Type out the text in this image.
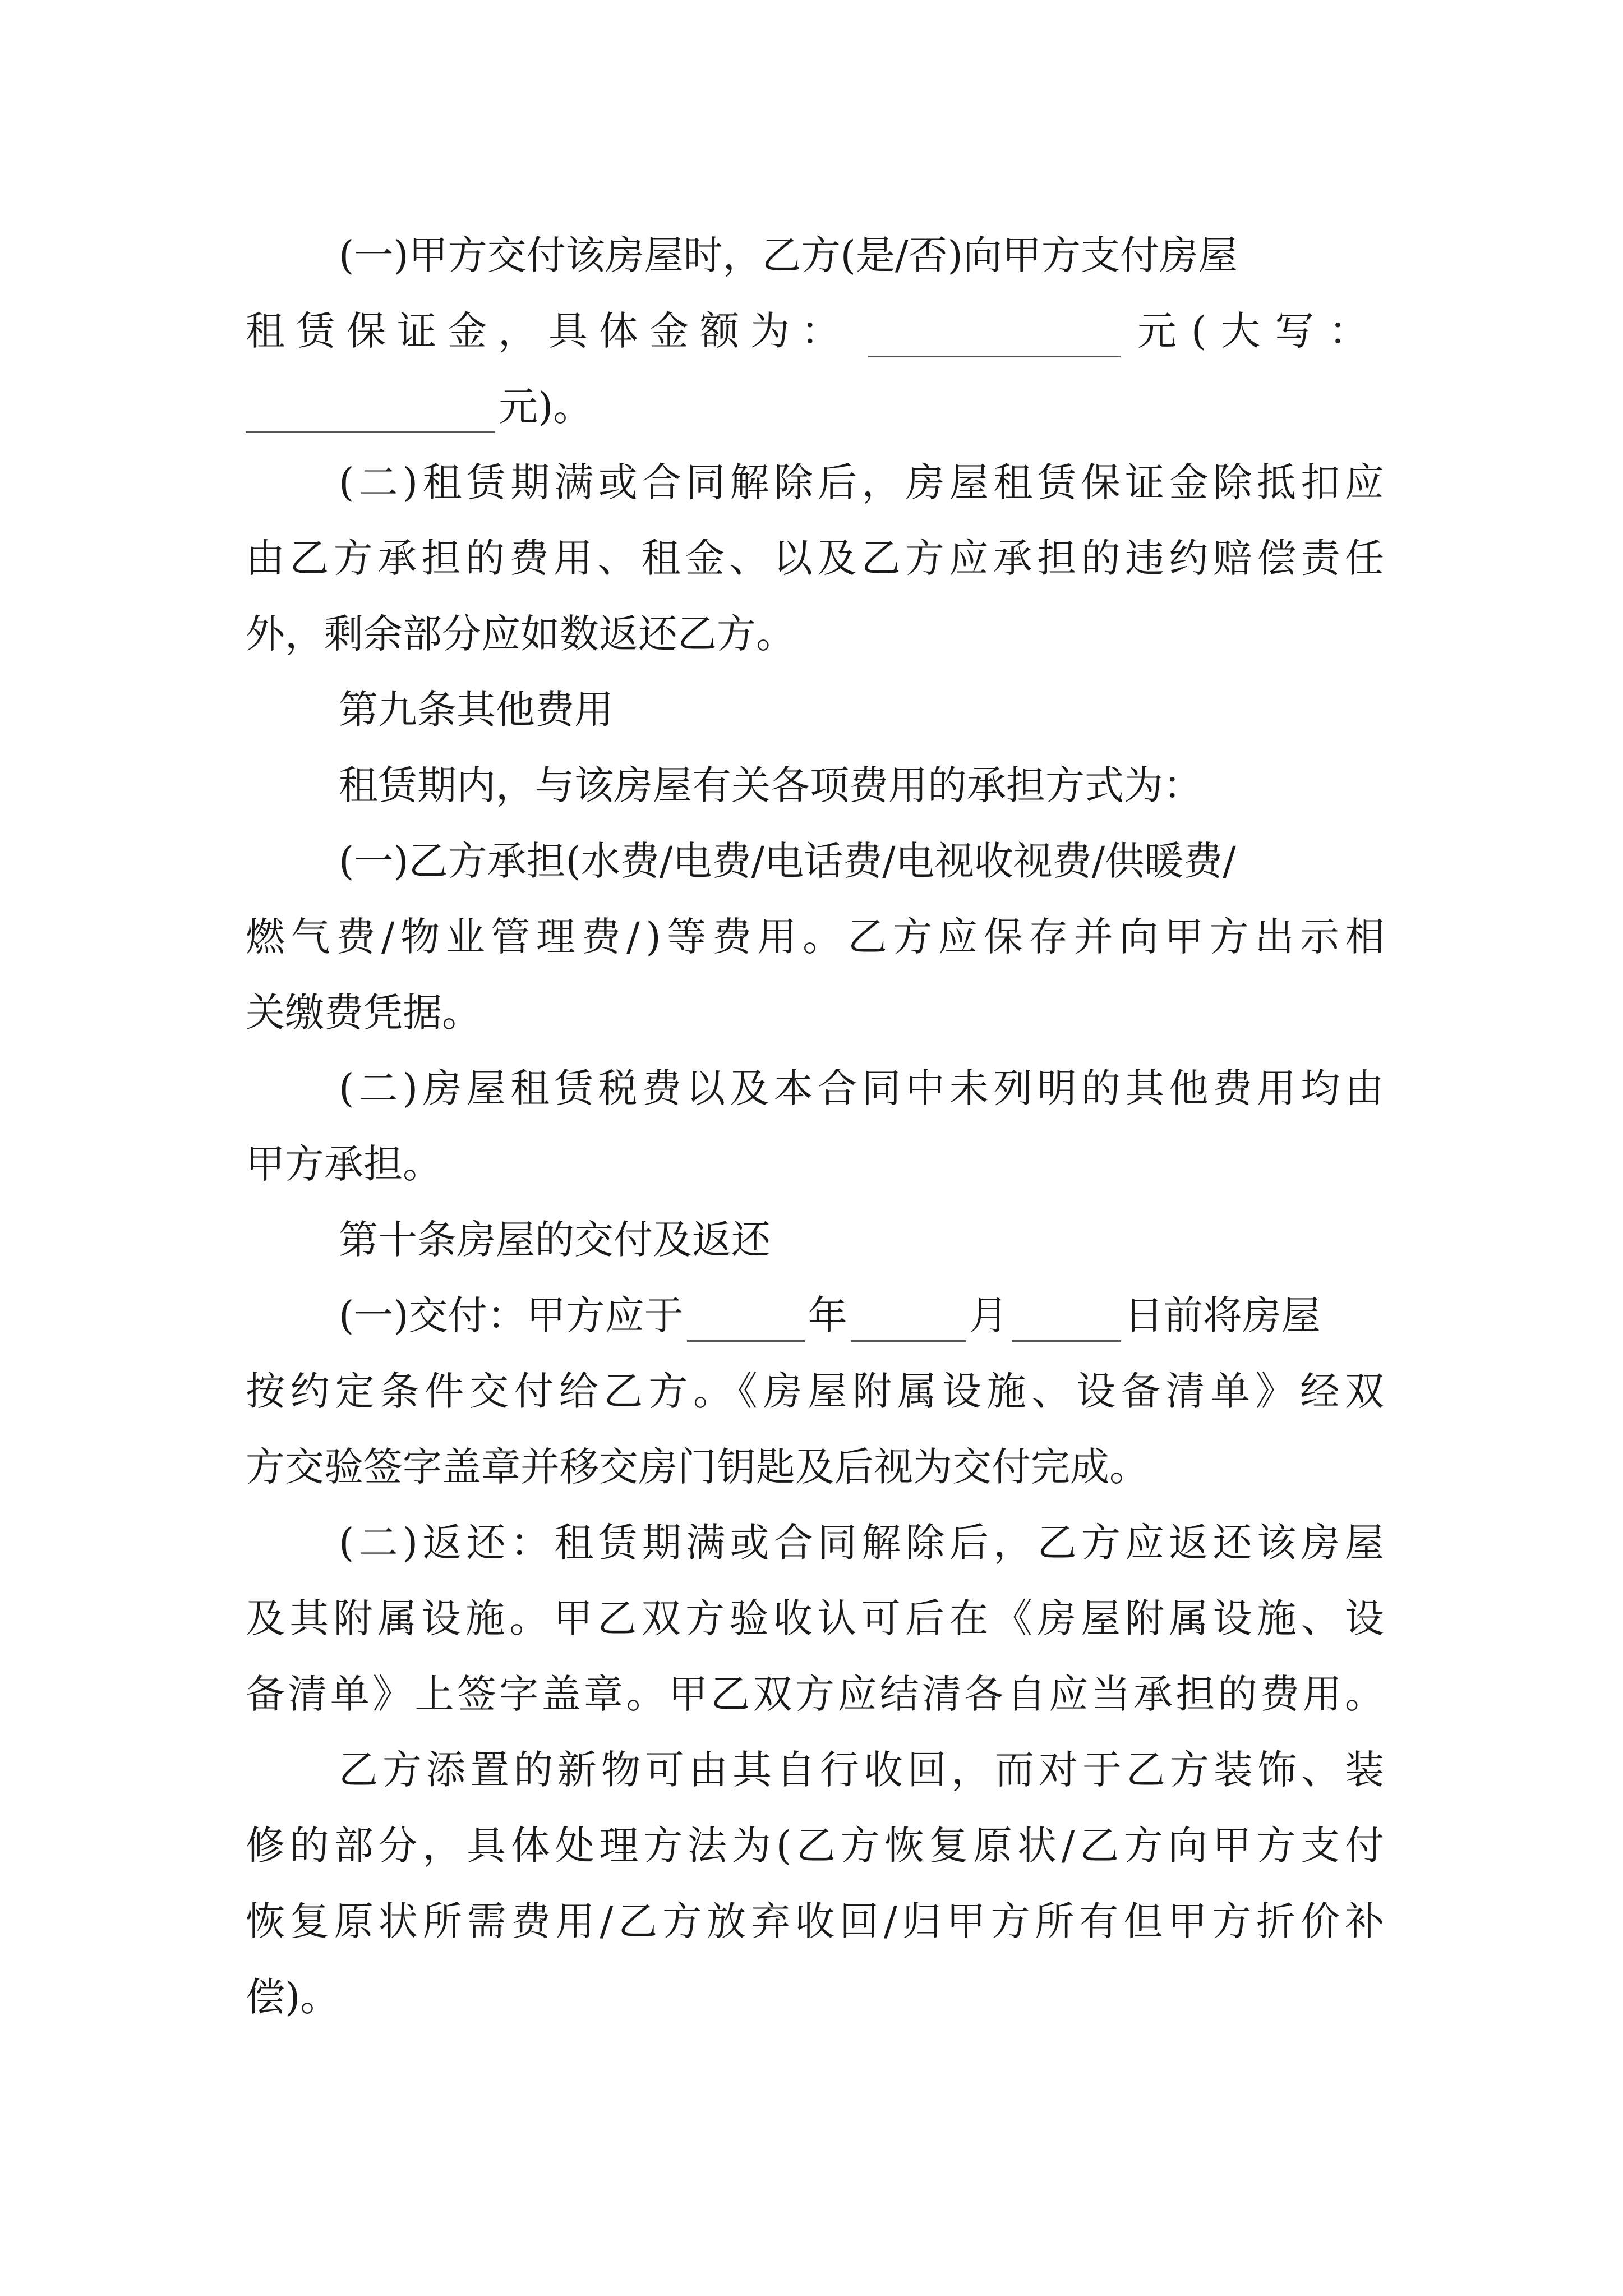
(一)甲方交付该房屋时，乙方(是/否)向甲方支付房屋
租赁保证金，具体金额为：	元(大写：
元)。
(二)租赁期满或合同解除后，房屋租赁保证金除抵扣应
由乙方承担的费用、租金、以及乙方应承担的违约赔偿责任
外，剩余部分应如数返还乙方。
第九条其他费用
租赁期内，与该房屋有关各项费用的承担方式为：
(一)乙方承担(水费/电费/电话费/电视收视费/供暖费/
燃气费/物业管理费/)等费用。乙方应保存并向甲方出示相
关缴费凭据。
(二)房屋租赁税费以及本合同中未列明的其他费用均由
甲方承担。
第十条房屋的交付及返还
(一)交付：甲方应于	年	月	日前将房屋
按约定条件交付给乙方。《房屋附属设施、设备清单》经双
方交验签字盖章并移交房门钥匙及后视为交付完成。
(二)返还：租赁期满或合同解除后，乙方应返还该房屋
及其附属设施。甲乙双方验收认可后在《房屋附属设施、设
备清单》上签字盖章。甲乙双方应结清各自应当承担的费用。
乙方添置的新物可由其自行收回，而对于乙方装饰、装
修的部分，具体处理方法为(乙方恢复原状/乙方向甲方支付
恢复原状所需费用/乙方放弃收回/归甲方所有但甲方折价补
偿)。
